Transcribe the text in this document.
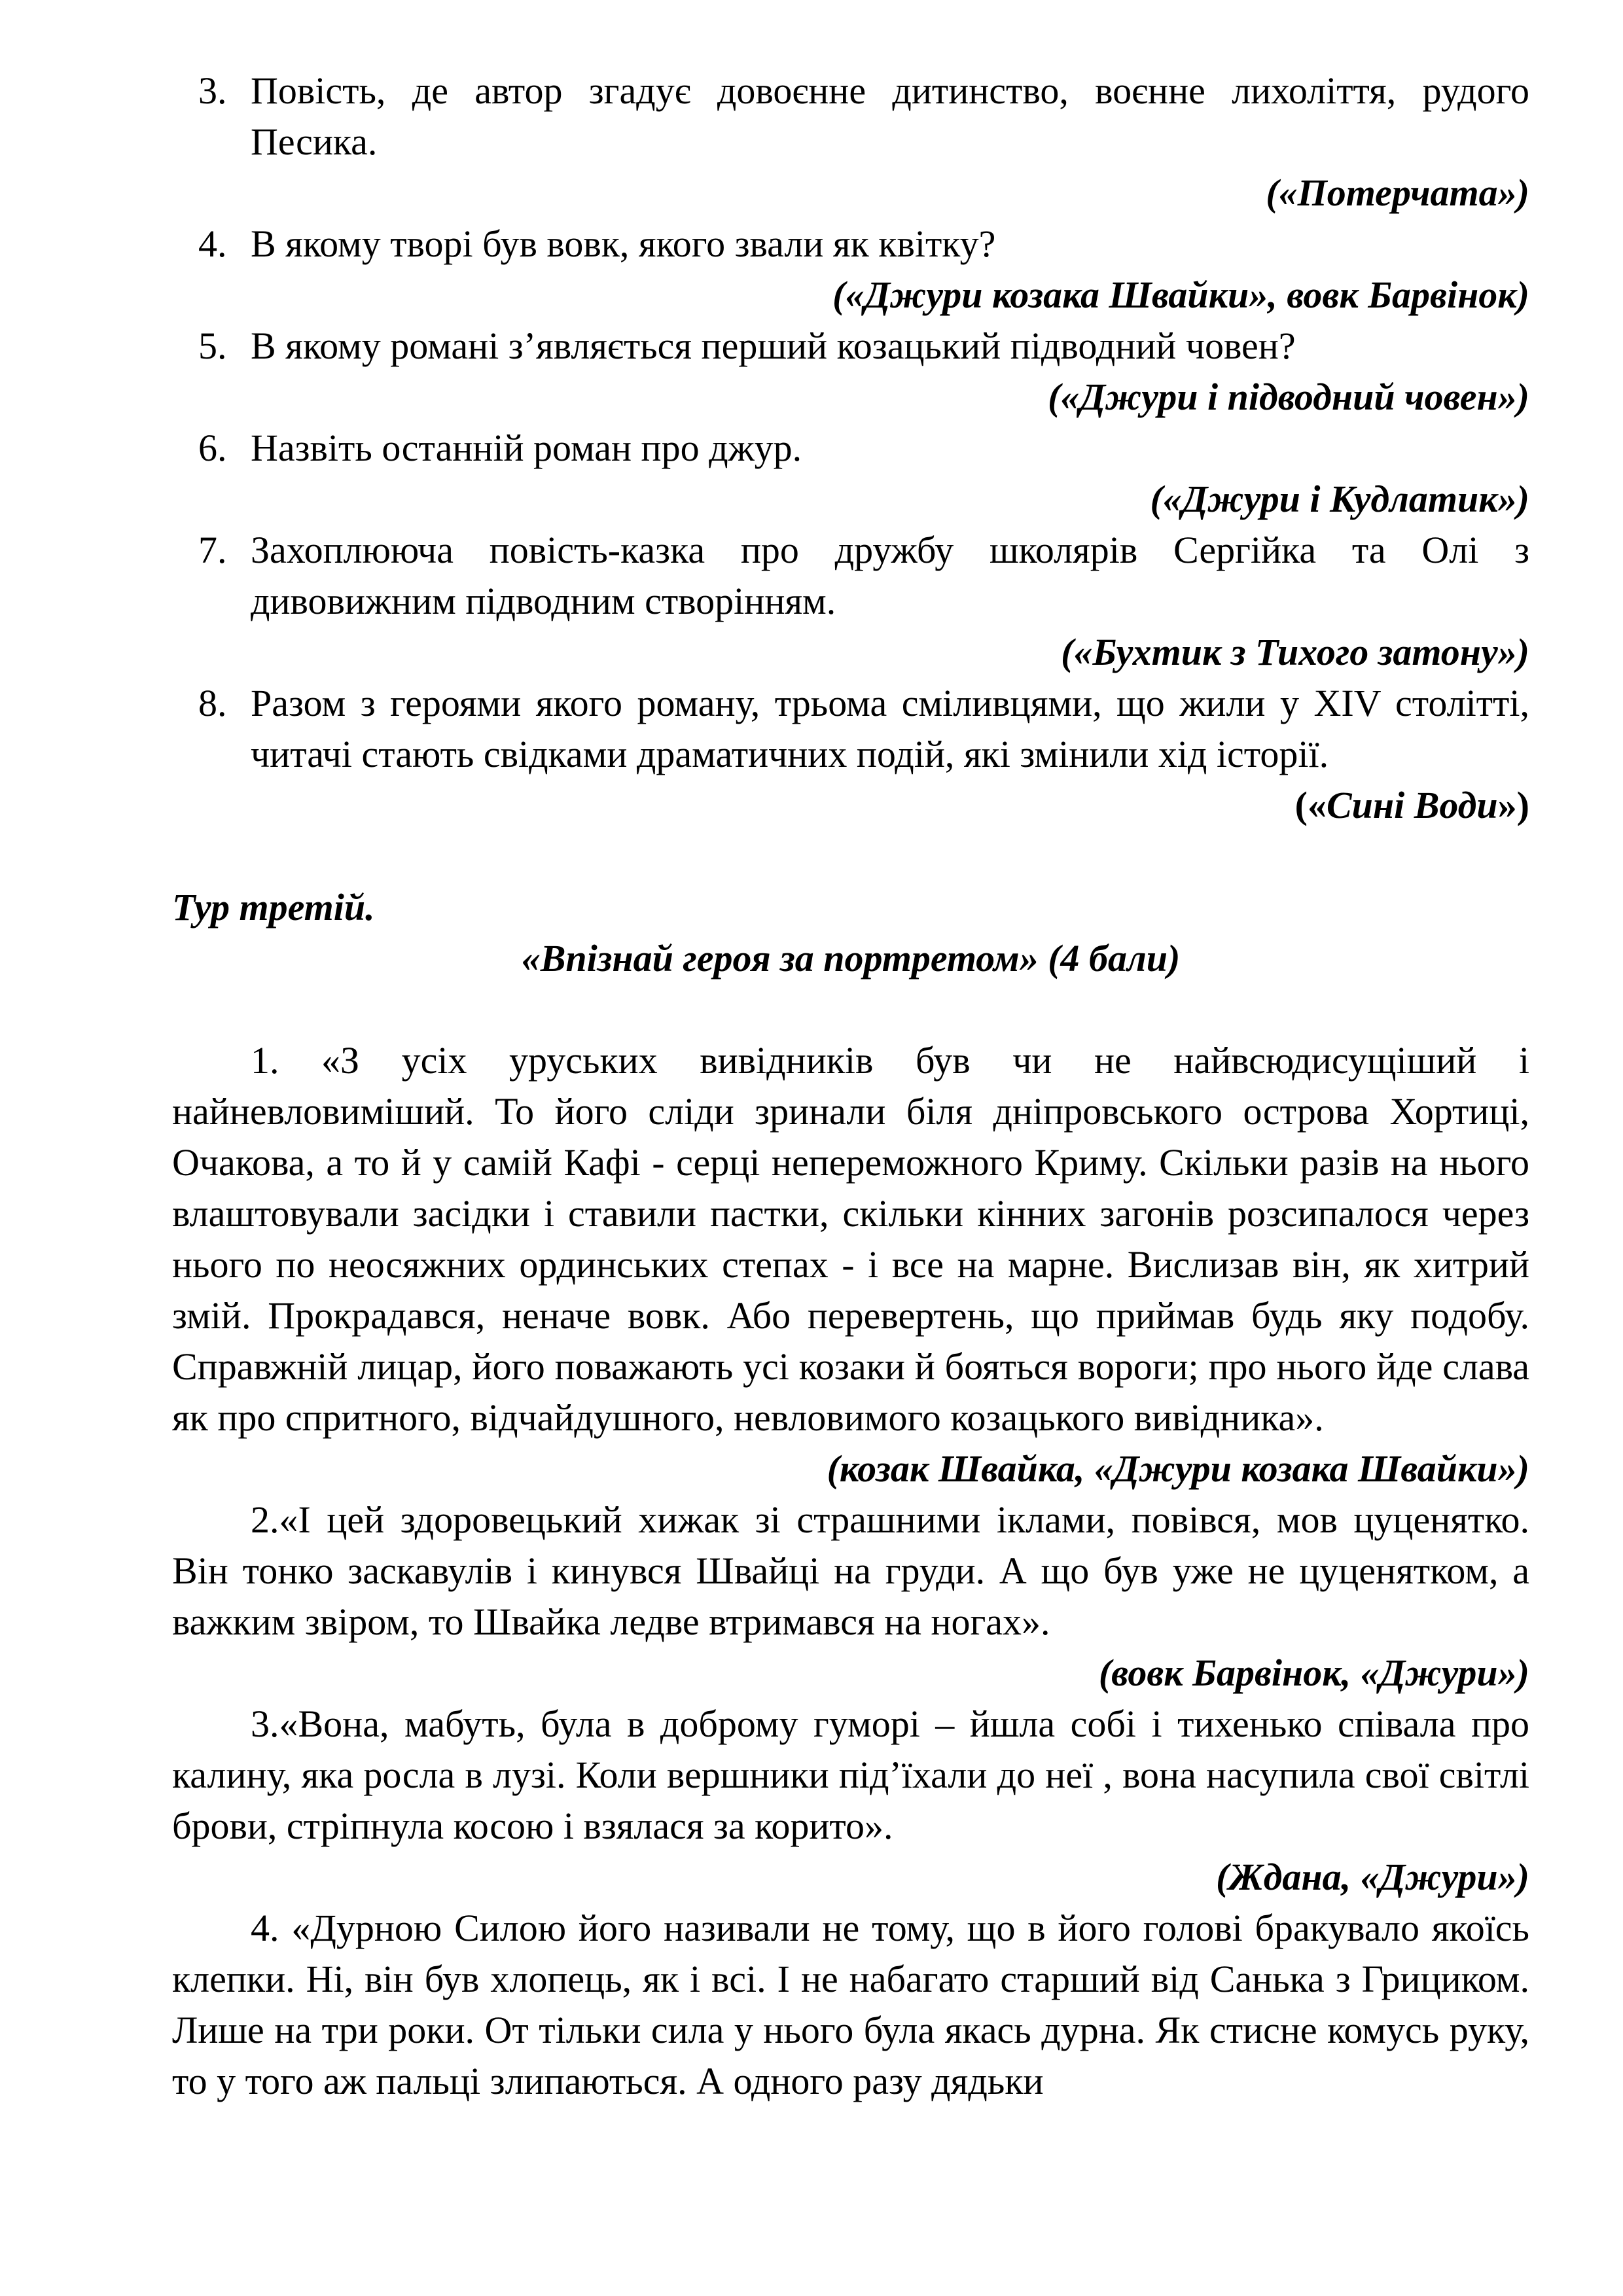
3. Повість, де автор згадує довоєнне дитинство, воєнне лихоліття, рудого Песика.
(«Потерчата»)
4. В якому творі був вовк, якого звали як квітку?
(«Джури козака Швайки», вовк Барвінок)
5. В якому романі з’являється перший козацький підводний човен?
(«Джури і підводний човен»)
6. Назвіть останній роман про джур.
(«Джури і Кудлатик»)
7. Захоплююча повість-казка про дружбу школярів Сергійка та Олі з дивовижним підводним створінням.
(«Бухтик з Тихого затону»)
8. Разом з героями якого роману, трьома сміливцями, що жили у XIV столітті, читачі стають свідками драматичних подій, які змінили хід історії.
(«Сині Води»)
Тур третій.
«Впізнай героя за портретом» (4 бали)
1. «З усіх уруських вивідників був чи не найвсюдисущіший і найневловиміший. То його сліди зринали біля дніпровського острова Хортиці, Очакова, а то й у самій Кафі - серці непереможного Криму. Скільки разів на нього влаштовували засідки і ставили пастки, скільки кінних загонів розсипалося через нього по неосяжних ординських степах - і все на марне. Вислизав він, як хитрий змій. Прокрадався, неначе вовк. Або перевертень, що приймав будь яку подобу. Справжній лицар, його поважають усі козаки й бояться вороги; про нього йде слава як про спритного, відчайдушного, невловимого козацького вивідника».
(козак Швайка, «Джури козака Швайки»)
2.«І цей здоровецький хижак зі страшними іклами, повівся, мов цуценятко. Він тонко заскавулів і кинувся Швайці на груди. А що був уже не цуценятком, а важким звіром, то Швайка ледве втримався на ногах».
(вовк Барвінок, «Джури»)
3.«Вона, мабуть, була в доброму гуморі – йшла собі і тихенько співала про калину, яка росла в лузі. Коли вершники під’їхали до неї , вона насупила свої світлі брови, стріпнула косою і взялася за корито».
(Ждана, «Джури»)
4. «Дурною Силою його називали не тому, що в його голові бракувало якоїсь клепки. Ні, він був хлопець, як і всі. І не набагато старший від Санька з Грициком. Лише на три роки. От тільки сила у нього була якась дурна. Як стисне комусь руку, то у того аж пальці злипаються. А одного разу дядьки
